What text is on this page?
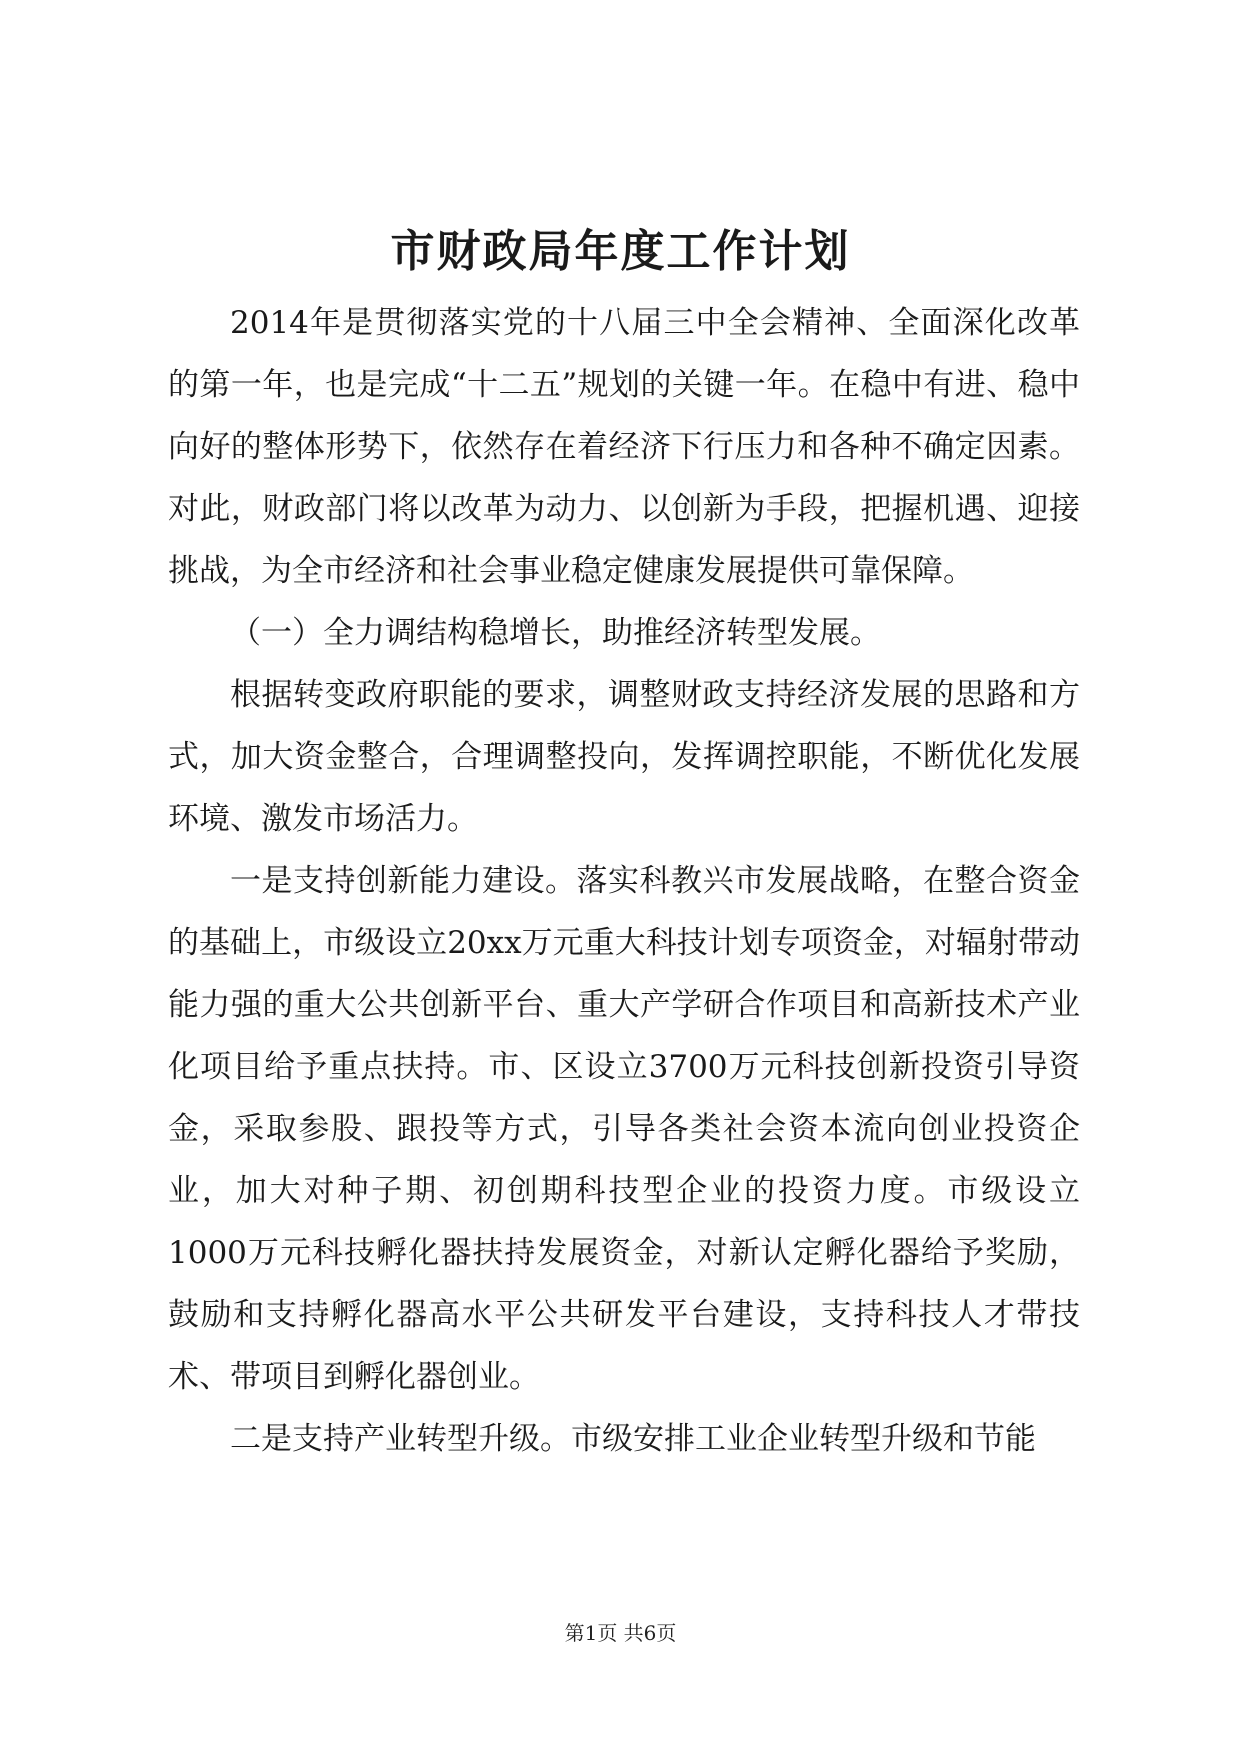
市财政局年度工作计划

2014年是贯彻落实党的十八届三中全会精神、全面深化改革的第一年，也是完成“十二五”规划的关键一年。在稳中有进、稳中向好的整体形势下，依然存在着经济下行压力和各种不确定因素。对此，财政部门将以改革为动力、以创新为手段，把握机遇、迎接挑战，为全市经济和社会事业稳定健康发展提供可靠保障。

（一）全力调结构稳增长，助推经济转型发展。

根据转变政府职能的要求，调整财政支持经济发展的思路和方式，加大资金整合，合理调整投向，发挥调控职能，不断优化发展环境、激发市场活力。

一是支持创新能力建设。落实科教兴市发展战略，在整合资金的基础上，市级设立20xx万元重大科技计划专项资金，对辐射带动能力强的重大公共创新平台、重大产学研合作项目和高新技术产业化项目给予重点扶持。市、区设立3700万元科技创新投资引导资金，采取参股、跟投等方式，引导各类社会资本流向创业投资企业，加大对种子期、初创期科技型企业的投资力度。市级设立1000万元科技孵化器扶持发展资金，对新认定孵化器给予奖励，鼓励和支持孵化器高水平公共研发平台建设，支持科技人才带技术、带项目到孵化器创业。

二是支持产业转型升级。市级安排工业企业转型升级和节能

第1页 共6页
